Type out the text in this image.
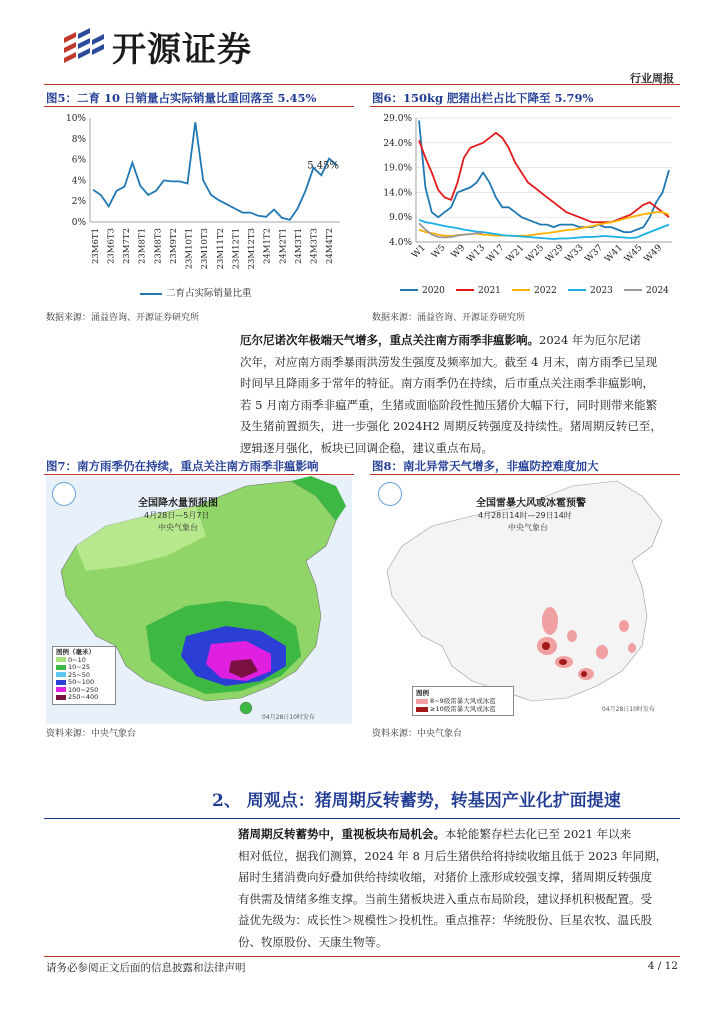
开源证券
行业周报
图5：二育 10 日销量占实际销量比重回落至 5.45%
0%
2%
4%
6%
8%
10%
23M6T1 23M6T3 23M7T2 23M8T1 23M8T3 23M9T2 23M10T1 23M10T3 23M11T2 23M12T1 23M12T3 24M1T2 24M2T1 24M3T1 24M3T3 24M4T2
5.45%
二育占实际销量比重
数据来源：涌益咨询、开源证券研究所
图6：150kg 肥猪出栏占比下降至 5.79%
4.0%
9.0%
14.0%
19.0%
24.0%
29.0%
W1 W5 W9
W13
W17
W21
W25
W29
W33
W37
W41
W45
W49
2020	2021	2022	2023	2024
数据来源：涌益咨询、开源证券研究所

厄尔尼诺次年极端天气增多，重点关注南方雨季非瘟影响。2024 年为厄尔尼诺

次年，对应南方雨季暴雨洪涝发生强度及频率加大。截至 4 月末，南方雨季已呈现

时间早且降雨多于常年的特征。南方雨季仍在持续，后市重点关注雨季非瘟影响，

若 5 月南方雨季非瘟严重，生猪或面临阶段性抛压猪价大幅下行，同时則带来能繁

及生猪前置损失，进一步强化 2024H2 周期反转强度及持续性。猪周期反转已至，

逻辑逐月强化，板块已回调企稳，建议重点布局。

图7：南方雨季仍在持续，重点关注南方雨季非瘟影响
全国降水量预报图
4月28日—5月7日
中央气象台
图例（毫米）
0~10
10~25
25~50
50~100
100~250
250~400
04月28日10时发布
资料来源：中央气象台
图8：南北异常天气增多，非瘟防控难度加大
全国雷暴大风或冰雹预警
4月28日14时—29日14时
中央气象台
图例
8~9级雷暴大风或冰雹
≥10级雷暴大风或冰雹	04月28日10时发布
资料来源：中央气象台
2、 周观点：猪周期反转蓄势，转基因产业化扩面提速

猪周期反转蓄势中，重视板块布局机会。本轮能繁存栏去化已至 2021 年以来

相对低位，据我们测算，2024 年 8 月后生猪供给将持续收缩且低于 2023 年同期，

届时生猪消费向好叠加供给持续收缩，对猪价上涨形成较强支撑，猪周期反转强度

有供需及情绪多维支撑。当前生猪板块进入重点布局阶段，建议择机积极配置。受

益优先级为：成长性＞规模性＞投机性。重点推荐：华统股份、巨星农牧、温氏股

份、牧原股份、天康生物等。

请务必参阅正文后面的信息披露和法律声明	4 / 12
